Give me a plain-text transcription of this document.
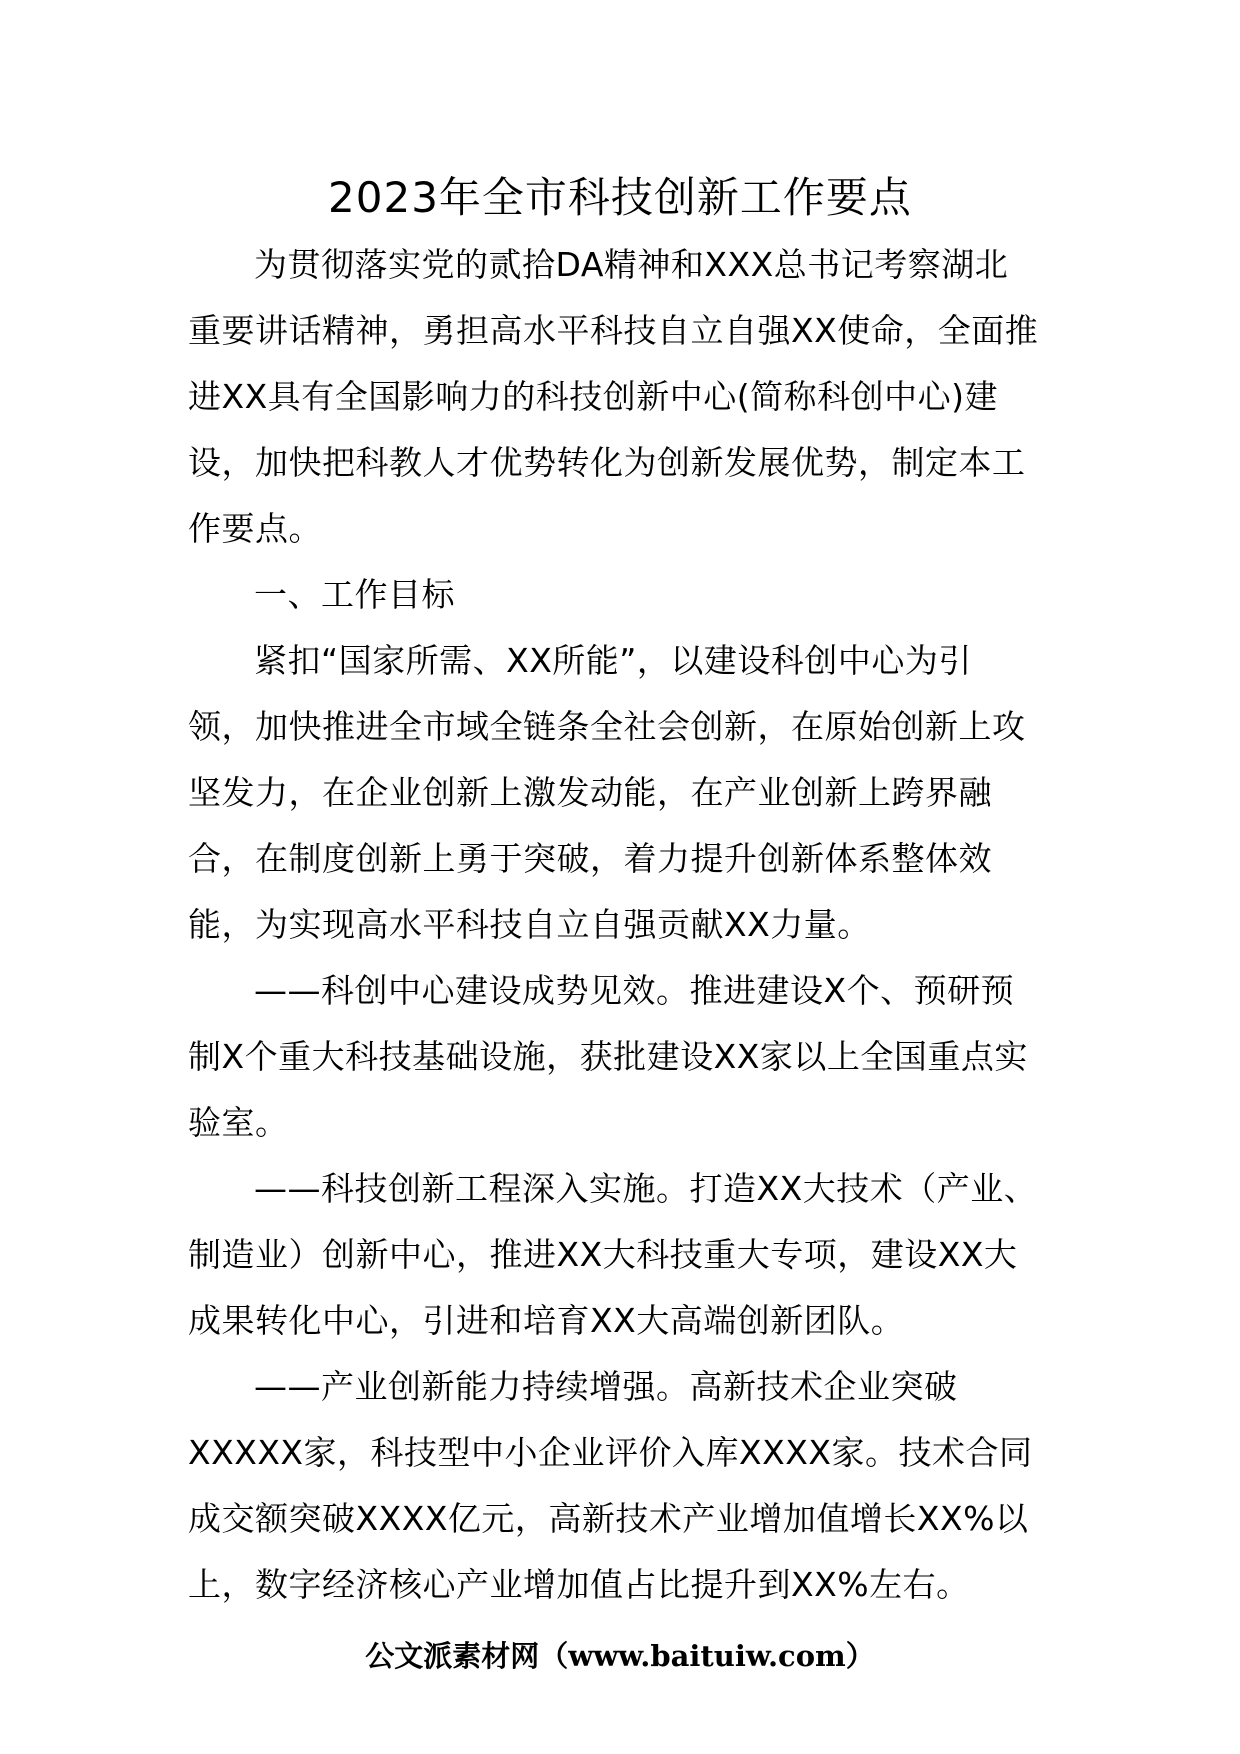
2023年全市科技创新工作要点
为贯彻落实党的贰拾DA精神和XXX总书记考察湖北
重要讲话精神，勇担高水平科技自立自强XX使命，全面推
进XX具有全国影响力的科技创新中心(简称科创中心)建
设，加快把科教人才优势转化为创新发展优势，制定本工
作要点。
一、工作目标
紧扣“国家所需、XX所能”，以建设科创中心为引
领，加快推进全市域全链条全社会创新，在原始创新上攻
坚发力，在企业创新上激发动能，在产业创新上跨界融
合，在制度创新上勇于突破，着力提升创新体系整体效
能，为实现高水平科技自立自强贡献XX力量。
——科创中心建设成势见效。推进建设X个、预研预
制X个重大科技基础设施，获批建设XX家以上全国重点实
验室。
——科技创新工程深入实施。打造XX大技术（产业、
制造业）创新中心，推进XX大科技重大专项，建设XX大
成果转化中心，引进和培育XX大高端创新团队。
——产业创新能力持续增强。高新技术企业突破
XXXXX家，科技型中小企业评价入库XXXX家。技术合同
成交额突破XXXX亿元，高新技术产业增加值增长XX%以
上，数字经济核心产业增加值占比提升到XX%左右。
公文派素材网（www.baituiw.com）
